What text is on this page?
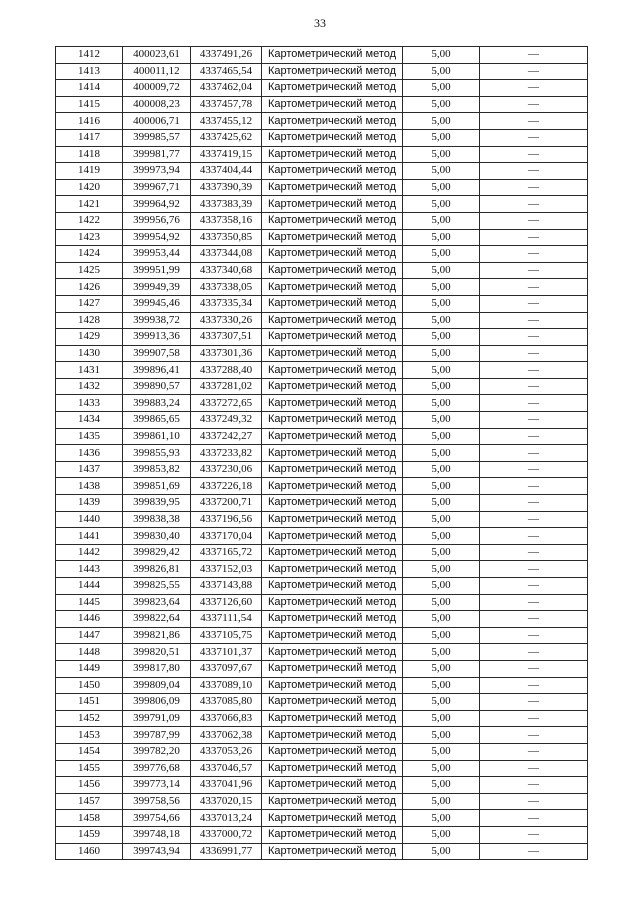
33
1412	400023,61	4337491,26	Картометрический метод	5,00	—
1413	400011,12	4337465,54	Картометрический метод	5,00	—
1414	400009,72	4337462,04	Картометрический метод	5,00	—
1415	400008,23	4337457,78	Картометрический метод	5,00	—
1416	400006,71	4337455,12	Картометрический метод	5,00	—
1417	399985,57	4337425,62	Картометрический метод	5,00	—
1418	399981,77	4337419,15	Картометрический метод	5,00	—
1419	399973,94	4337404,44	Картометрический метод	5,00	—
1420	399967,71	4337390,39	Картометрический метод	5,00	—
1421	399964,92	4337383,39	Картометрический метод	5,00	—
1422	399956,76	4337358,16	Картометрический метод	5,00	—
1423	399954,92	4337350,85	Картометрический метод	5,00	—
1424	399953,44	4337344,08	Картометрический метод	5,00	—
1425	399951,99	4337340,68	Картометрический метод	5,00	—
1426	399949,39	4337338,05	Картометрический метод	5,00	—
1427	399945,46	4337335,34	Картометрический метод	5,00	—
1428	399938,72	4337330,26	Картометрический метод	5,00	—
1429	399913,36	4337307,51	Картометрический метод	5,00	—
1430	399907,58	4337301,36	Картометрический метод	5,00	—
1431	399896,41	4337288,40	Картометрический метод	5,00	—
1432	399890,57	4337281,02	Картометрический метод	5,00	—
1433	399883,24	4337272,65	Картометрический метод	5,00	—
1434	399865,65	4337249,32	Картометрический метод	5,00	—
1435	399861,10	4337242,27	Картометрический метод	5,00	—
1436	399855,93	4337233,82	Картометрический метод	5,00	—
1437	399853,82	4337230,06	Картометрический метод	5,00	—
1438	399851,69	4337226,18	Картометрический метод	5,00	—
1439	399839,95	4337200,71	Картометрический метод	5,00	—
1440	399838,38	4337196,56	Картометрический метод	5,00	—
1441	399830,40	4337170,04	Картометрический метод	5,00	—
1442	399829,42	4337165,72	Картометрический метод	5,00	—
1443	399826,81	4337152,03	Картометрический метод	5,00	—
1444	399825,55	4337143,88	Картометрический метод	5,00	—
1445	399823,64	4337126,60	Картометрический метод	5,00	—
1446	399822,64	4337111,54	Картометрический метод	5,00	—
1447	399821,86	4337105,75	Картометрический метод	5,00	—
1448	399820,51	4337101,37	Картометрический метод	5,00	—
1449	399817,80	4337097,67	Картометрический метод	5,00	—
1450	399809,04	4337089,10	Картометрический метод	5,00	—
1451	399806,09	4337085,80	Картометрический метод	5,00	—
1452	399791,09	4337066,83	Картометрический метод	5,00	—
1453	399787,99	4337062,38	Картометрический метод	5,00	—
1454	399782,20	4337053,26	Картометрический метод	5,00	—
1455	399776,68	4337046,57	Картометрический метод	5,00	—
1456	399773,14	4337041,96	Картометрический метод	5,00	—
1457	399758,56	4337020,15	Картометрический метод	5,00	—
1458	399754,66	4337013,24	Картометрический метод	5,00	—
1459	399748,18	4337000,72	Картометрический метод	5,00	—
1460	399743,94	4336991,77	Картометрический метод	5,00	—
